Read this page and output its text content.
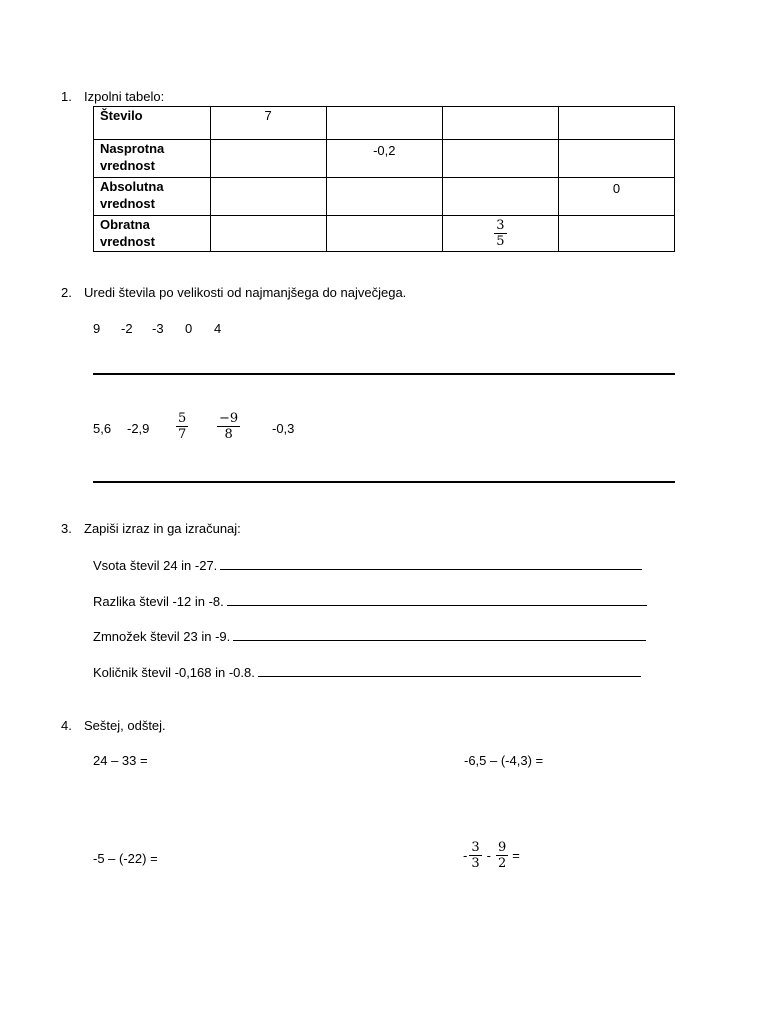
1. Izpolni tabelo:
Število	7			
Nasprotna vrednost		-0,2		
Absolutna vrednost				0
Obratna vrednost			$\frac{3}{5}$

2. Uredi števila po velikosti od najmanjšega do največjega.
9 -2 -3 0 4
5,6 $-2,9 \frac{5}{7} \frac{-9}{8} -0,3$
3. Zapiši izraz in ga izračunaj:
Vsota števil 24 in -27.
Razlika števil -12 in -8.
Zmnožek števil 23 in -9.
Količnik števil -0,168 in -0.8.
4. Seštej, odštej.
24 – 33 =	-6,5 – (-4,3) =
-5 – (-22) =	- $\frac{3}{3} - \frac{9}{2}$ =
